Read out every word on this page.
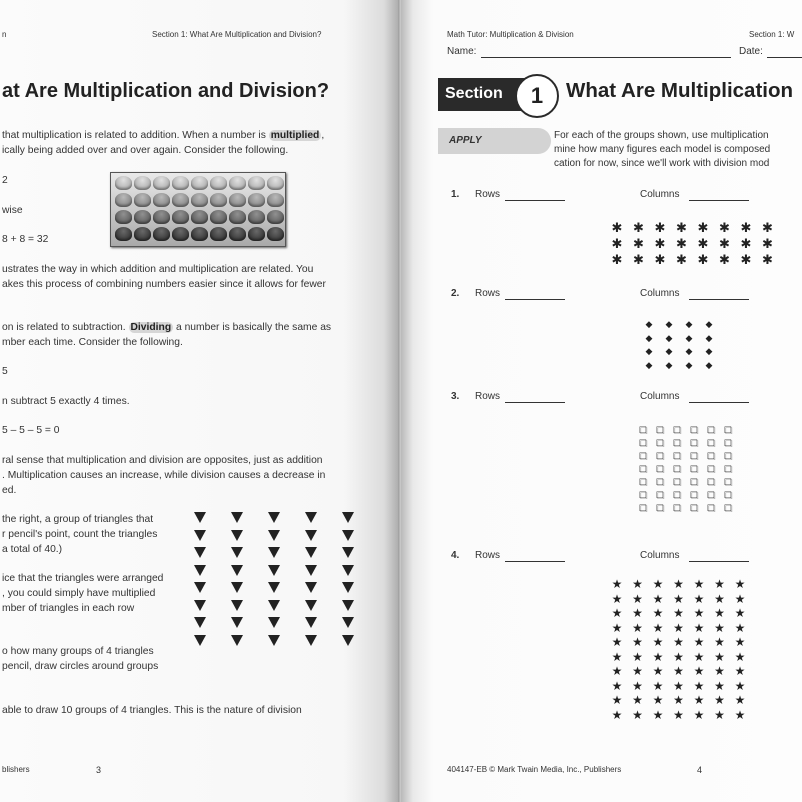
n	Section 1: What Are Multiplication and Division?
at Are Multiplication and Division?
that multiplication is related to addition. When a number is multiplied ,
ically being added over and over again. Consider the following.
2
wise
8 + 8 = 32
ustrates the way in which addition and multiplication are related. You
akes this process of combining numbers easier since it allows for fewer
on is related to subtraction. Dividing a number is basically the same as
mber each time. Consider the following.
5
n subtract 5 exactly 4 times.
5 – 5 – 5 = 0
ral sense that multiplication and division are opposites, just as addition
. Multiplication causes an increase, while division causes a decrease in
ed.
the right, a group of triangles that
r pencil's point, count the triangles
a total of 40.)
ice that the triangles were arranged
, you could simply have multiplied
mber of triangles in each row
o how many groups of 4 triangles
pencil, draw circles around groups
able to draw 10 groups of 4 triangles. This is the nature of division
blishers	3
Math Tutor: Multiplication & Division	Section 1: W
Name:	Date:
Section	1	What Are Multiplication
APPLY	For each of the groups shown, use multiplication
mine how many figures each model is composed
cation for now, since we'll work with division mod
1. Rows	Columns
✱ ✱ ✱ ✱ ✱ ✱ ✱ ✱
✱ ✱ ✱ ✱ ✱ ✱ ✱ ✱
✱ ✱ ✱ ✱ ✱ ✱ ✱ ✱
2. Rows	Columns
◆ ◆ ◆ ◆
◆ ◆ ◆ ◆
◆ ◆ ◆ ◆
◆ ◆ ◆ ◆
3. Rows	Columns
□ □ □ □ □ □
□ □ □ □ □ □
□ □ □ □ □ □
□ □ □ □ □ □
□ □ □ □ □ □
□ □ □ □ □ □
□ □ □ □ □ □
4. Rows	Columns
★ ★ ★ ★ ★ ★ ★
★ ★ ★ ★ ★ ★ ★
★ ★ ★ ★ ★ ★ ★
★ ★ ★ ★ ★ ★ ★
★ ★ ★ ★ ★ ★ ★
★ ★ ★ ★ ★ ★ ★
★ ★ ★ ★ ★ ★ ★
★ ★ ★ ★ ★ ★ ★
★ ★ ★ ★ ★ ★ ★
★ ★ ★ ★ ★ ★ ★
404147-EB © Mark Twain Media, Inc., Publishers	4
